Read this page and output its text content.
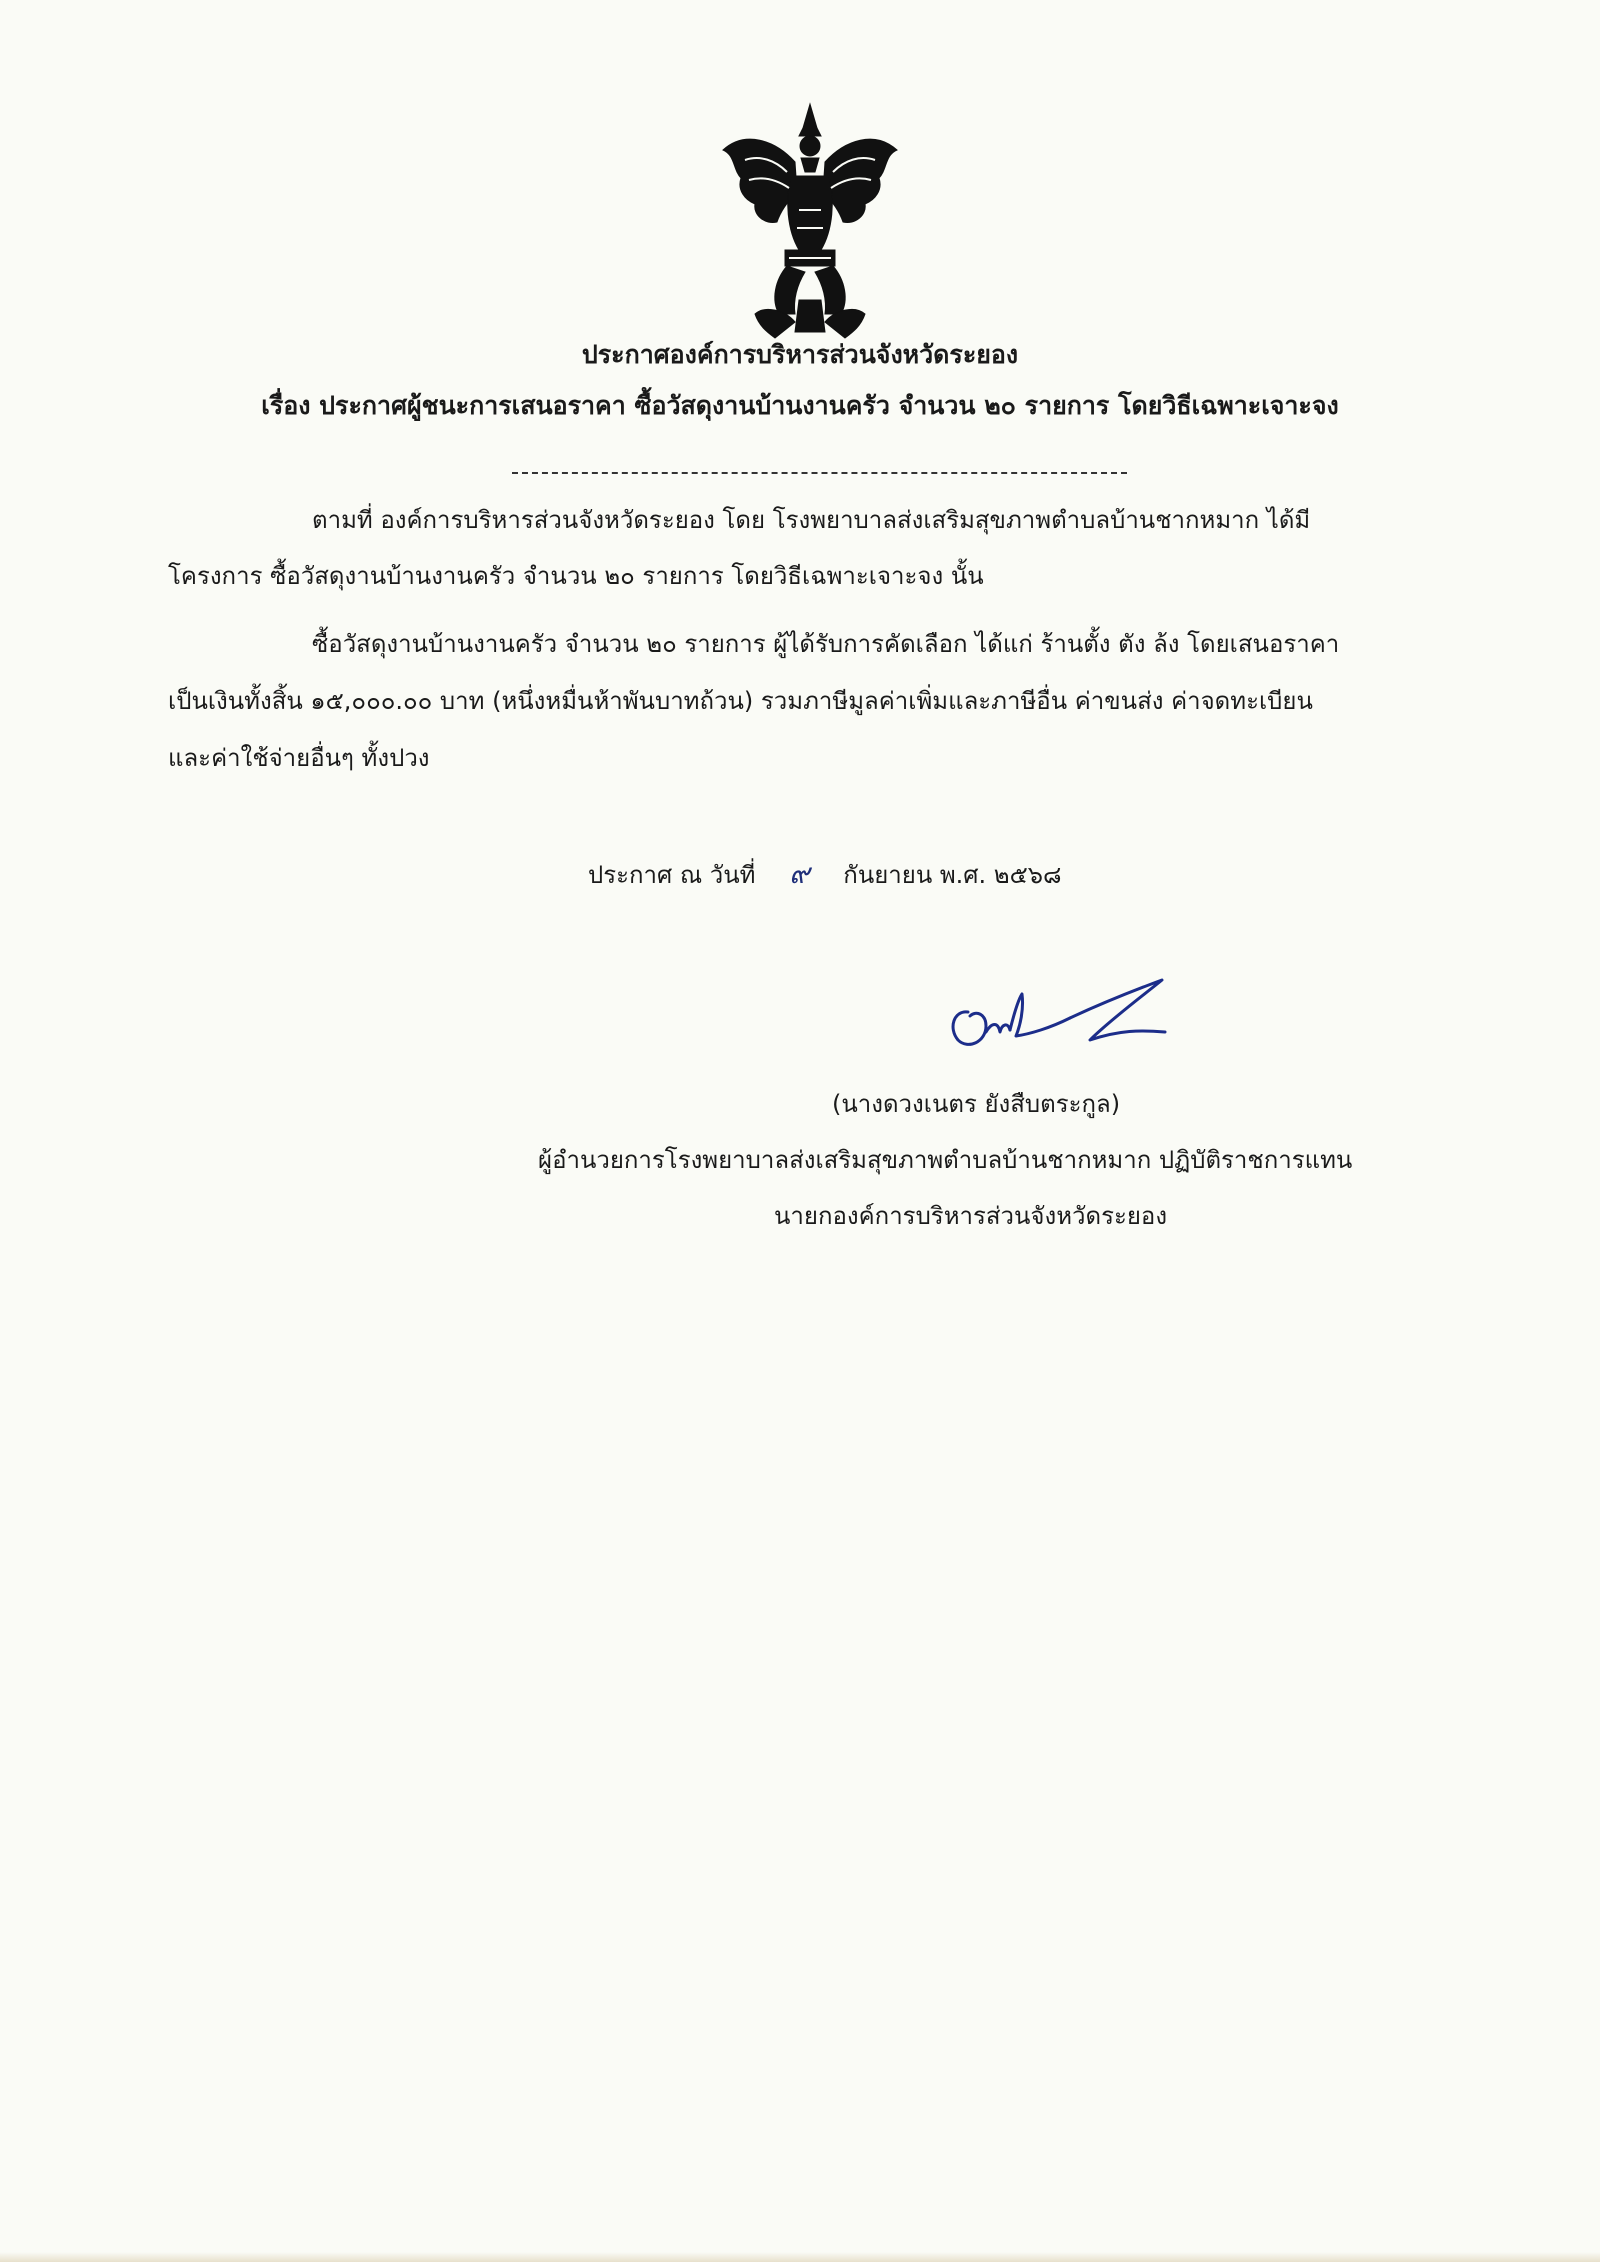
ประกาศองค์การบริหารส่วนจังหวัดระยอง
เรื่อง ประกาศผู้ชนะการเสนอราคา ซื้อวัสดุงานบ้านงานครัว จำนวน ๒๐ รายการ โดยวิธีเฉพาะเจาะจง
ตามที่ องค์การบริหารส่วนจังหวัดระยอง โดย โรงพยาบาลส่งเสริมสุขภาพตำบลบ้านชากหมาก ได้มี
โครงการ ซื้อวัสดุงานบ้านงานครัว จำนวน ๒๐ รายการ โดยวิธีเฉพาะเจาะจง นั้น
ซื้อวัสดุงานบ้านงานครัว จำนวน ๒๐ รายการ ผู้ได้รับการคัดเลือก ได้แก่ ร้านตั้ง ตัง ล้ง โดยเสนอราคา
เป็นเงินทั้งสิ้น ๑๕,๐๐๐.๐๐ บาท (หนึ่งหมื่นห้าพันบาทถ้วน) รวมภาษีมูลค่าเพิ่มและภาษีอื่น ค่าขนส่ง ค่าจดทะเบียน
และค่าใช้จ่ายอื่นๆ ทั้งปวง
ประกาศ ณ วันที่ ๙ กันยายน พ.ศ. ๒๕๖๘
(นางดวงเนตร ยังสืบตระกูล)
ผู้อำนวยการโรงพยาบาลส่งเสริมสุขภาพตำบลบ้านชากหมาก ปฏิบัติราชการแทน
นายกองค์การบริหารส่วนจังหวัดระยอง
